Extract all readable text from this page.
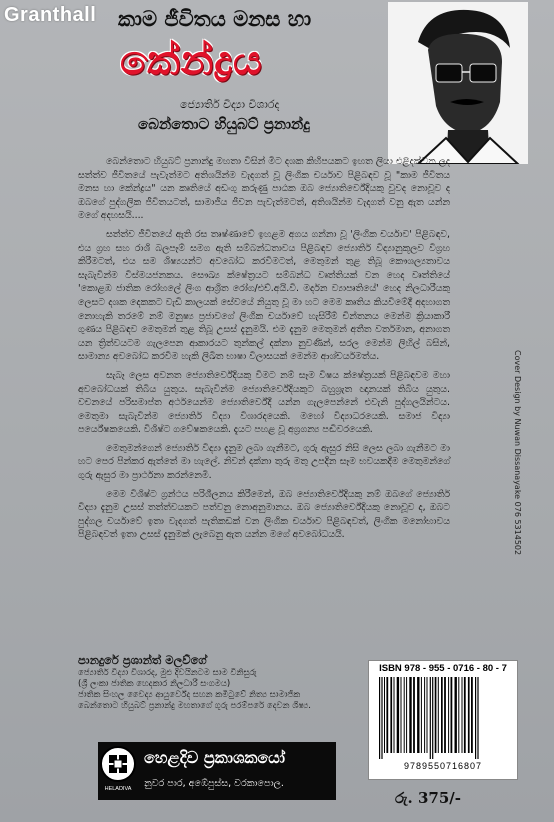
Granthall කාම ජීවිතය මනස හා
කේන්ද්‍රය
ජ්‍යොතිර් විද්‍යා විශාරද
බෙන්තොට හියුබට් ප්‍රනාන්දු

බෙන්තොට හියුබට් ප්‍රනාන්දු මහතා විසින් මීට දශක කිහිපයකට ඉහත ලියා එළිදක්වන ලද සත්ත්ව ජීවිතයේ පැවැත්මට අතිශයින්ම වැදගත් වූ ලිංගික චර්යාව පිළිබඳව වූ "කාම ජීවිතය මනස හා කේන්ද්‍රය" යන කෘතියේ අඩංගු කරුණු පාඨක ඔබ ජ්‍යොතිර්වේදියකු වුවද නොවූව ද ඔබගේ පුද්ගලික ජීවිතයටත්, සාමාජීය ජීවන පැවැත්මටත්, අතිශයින්ම වැදගත් වනු ඇත යන්න මගේ අදහසයි....

සත්ත්ව ජීවිතයේ ඇති රස තෘෂ්ණාවේ ඉහළම අගය ගන්නා වූ 'ලිංගික චර්යාව' පිළිබඳව, එය ග්‍රහ සහ රාශි බලපෑම් සමග ඇති සම්බන්ධතාවය පිළිබඳව ජ්‍යොතිර් විද්‍යානුකූලව විග්‍රහ කිරීමටත්, එය සම ශිෂ්‍යයන්ට අවබෝධ කරවීමටත්, මෙතුමන් තුළ තිබූ කෞශල්‍යතාවය සැබැවින්ම විස්මයජනකය. සෞඛ්‍ය ක්ෂේත්‍රයට සම්බන්ධ වෘත්තියක් වන හෙද වෘත්තියේ 'කොළඹ ජාතික රෝහලේ ලිංග ආශ්‍රිත රෝග/එච්.අයි.වී. මර්දන ව්‍යාපෘතියේ' හෙද නිලධාරීයකු ලෙසට දශක දෙකකට වැඩි කාලයක් සේවයේ නියුතු වූ මා හට මෙම කෘතිය කියවීමේදී අදහාගත නොහැකි තරමේ නම් මනුෂ්‍ය ප්‍රජාවගේ ලිංගික චර්යාවේ හැසිරීම් චින්තනය මෙන්ම ක්‍රියාකාරී ගුණය පිළිබඳව මෙතුමන් තුළ තිබූ උසස් දැනුමයි. එම දැනුම මෙතුමන් අතීත වර්තමාන, අනාගත යන ත්‍රිත්වයටම ගැලපෙන ආකාරයට තුන්කල් දක්නා නුවණින්, සරල මෙන්ම ලිහිල් බසින්, සාමාන්‍ය අවබෝධ කරවීම හැකි ලිඛිත භාෂා විලාසයක් මෙන්ම ආශ්චර්යමත්ය.

සැබෑ ලෙස අවනත ජ්‍යොතිර්වේදියකු වීමට නම් සෑම විෂය ක්ෂේත්‍රයක් පිළිබඳවම මහා අවබෝධයක් තිබිය යුතුය. සැබැවින්ම ජ්‍යොතිර්වේදියකුට බහුශ්‍රැත ඥානයක් තිබිය යුතුය. වචනයේ පරිසමාප්ත අර්ථයෙන්ම ජ්‍යොතිර්වේදී යන්න ගැලපෙන්නේ එවැනි පුද්ගලයින්ටය. මෙතුමා සැබැවින්ම ජ්‍යොතිර් විද්‍යා විශාරදයෙකි. මහෝ විද්‍යාධරයෙකි. සමාජ විද්‍යා පර්යේෂකයෙකි. විශිෂ්ට ගවේෂකයෙකි. දැයට පහළ වූ අග්‍රගන්‍ය පඬිවරයෙකි.

මෙතුමන්ගෙන් ජ්‍යොතිර් විද්‍යා දැනුම ලබා ගැනීමට, ගුරු ඇසුර නිසි ලෙස ලබා ගැනීමට මා හට පෙර පින්කර ඇත්තේ මා හැලේ. නිවන් දක්නා තුරු මතු උපදින සෑම භවයකදීම මෙතුමන්ගේ ගුරු ඇසුර මා ප්‍රාර්ථනා කරන්නෙමි.

මෙම විශිෂ්ට ග්‍රන්ථය පරිශීලනය කිරීමෙන්, ඔබ ජ්‍යොතිර්වේදියකු නම් ඔබගේ ජ්‍යොතිර් විද්‍යා දැනුම උසස් තත්ත්වයකට පත්වනු නොඅනුමානය. ඔබ ජ්‍යොතිර්වේදියකු නොවූව ද, ඔබට පුද්ගල චර්යාවේ ඉතා වැදගත් පැතිකඩක් වන ලිංගික චර්යාව පිළිබඳවත්, ලිංගික මනෝභාවය පිළිබඳවත් ඉතා උසස් දැනුමක් ලැබෙනු ඇත යන්න මගේ අවබෝධයයි.	Cover Design by Nuwan Dissanayake 076 5314502
පානදුරේ ප්‍රශාන්ත් මලව්ගේ
ජ්‍යොතිර් විද්‍යා විශාරද, මුළු දිවයිනටම සාම විනිසුරු
(ශ්‍රී ලංකා ජාතික හෙදකාර නිලධාරී සංගමය)
ජාතික සිංහල වෛද්‍ය ආයුර්වේද සහන කමිටුවේ නිත්‍ය සාමාජික
බෙන්තොට හියුබට් ප්‍රනාන්දු මහතාගේ ගුරු පරම්පරේ දෙවන ශිෂ්‍ය.
ISBN 978 - 955 - 0716 - 80 - 7
9789550716807
හෙළදිව ප්‍රකාශකයෝ
නුවර පාර, අඹේපුස්ස, වරකාපොල.
HELADIVA	රු. 375/-
